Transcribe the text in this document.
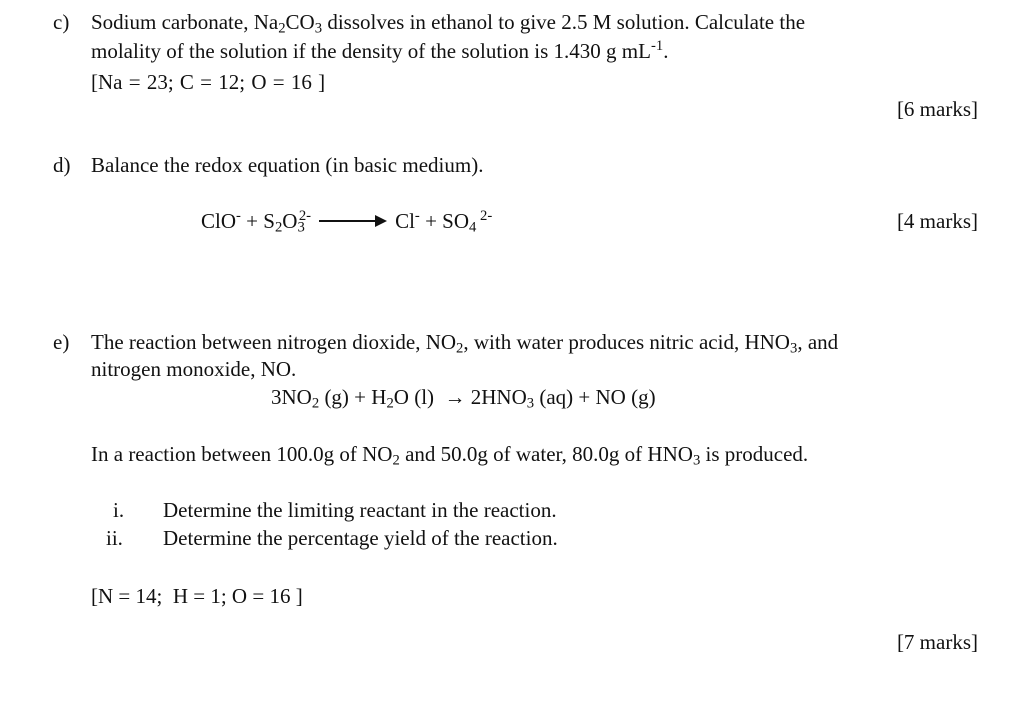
c) Sodium carbonate, $Na_2CO_3$ dissolves in ethanol to give 2.5 M solution. Calculate the
molality of the solution if the density of the solution is 1.430 g $mL^{-1}$.
[Na = 23; C = 12; O = 16 ]
[6 marks]
d) Balance the redox equation (in basic medium).
$ClO^- + S_2O_3^{2-} \to Cl^- + SO_4$ $^{2-}$	[4 marks]
e) The reaction between nitrogen dioxide, $NO_2$, with water produces nitric acid, $HNO_3$, and
nitrogen monoxide, NO.
$3NO_2$ $(g) + H_2O$ $(l) \to 2HNO_3$ (aq) + NO (g)
In a reaction between 100.0g of $NO_2$ and 50.0g of water, 80.0g of $HNO_3$ is produced.
i. Determine the limiting reactant in the reaction.
ii. Determine the percentage yield of the reaction.
[N = 14;  H = 1; O = 16 ]
[7 marks]
